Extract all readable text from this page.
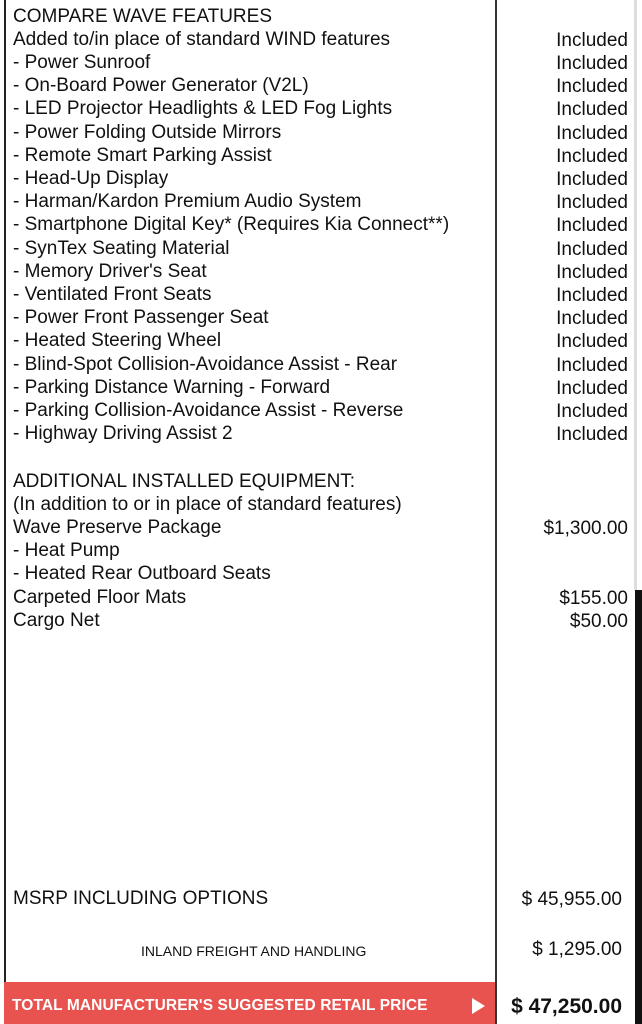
COMPARE WAVE FEATURES
Added to/in place of standard WIND features	Included
- Power Sunroof	Included
- On-Board Power Generator (V2L)	Included
- LED Projector Headlights & LED Fog Lights	Included
- Power Folding Outside Mirrors	Included
- Remote Smart Parking Assist	Included
- Head-Up Display	Included
- Harman/Kardon Premium Audio System	Included
- Smartphone Digital Key* (Requires Kia Connect**)	Included
- SynTex Seating Material	Included
- Memory Driver's Seat	Included
- Ventilated Front Seats	Included
- Power Front Passenger Seat	Included
- Heated Steering Wheel	Included
- Blind-Spot Collision-Avoidance Assist - Rear	Included
- Parking Distance Warning - Forward	Included
- Parking Collision-Avoidance Assist - Reverse	Included
- Highway Driving Assist 2	Included
ADDITIONAL INSTALLED EQUIPMENT:
(In addition to or in place of standard features)
Wave Preserve Package	$1,300.00
- Heat Pump
- Heated Rear Outboard Seats
Carpeted Floor Mats	$155.00
Cargo Net	$50.00
MSRP INCLUDING OPTIONS	$ 45,955.00
INLAND FREIGHT AND HANDLING	$ 1,295.00
TOTAL MANUFACTURER'S SUGGESTED RETAIL PRICE	$ 47,250.00
